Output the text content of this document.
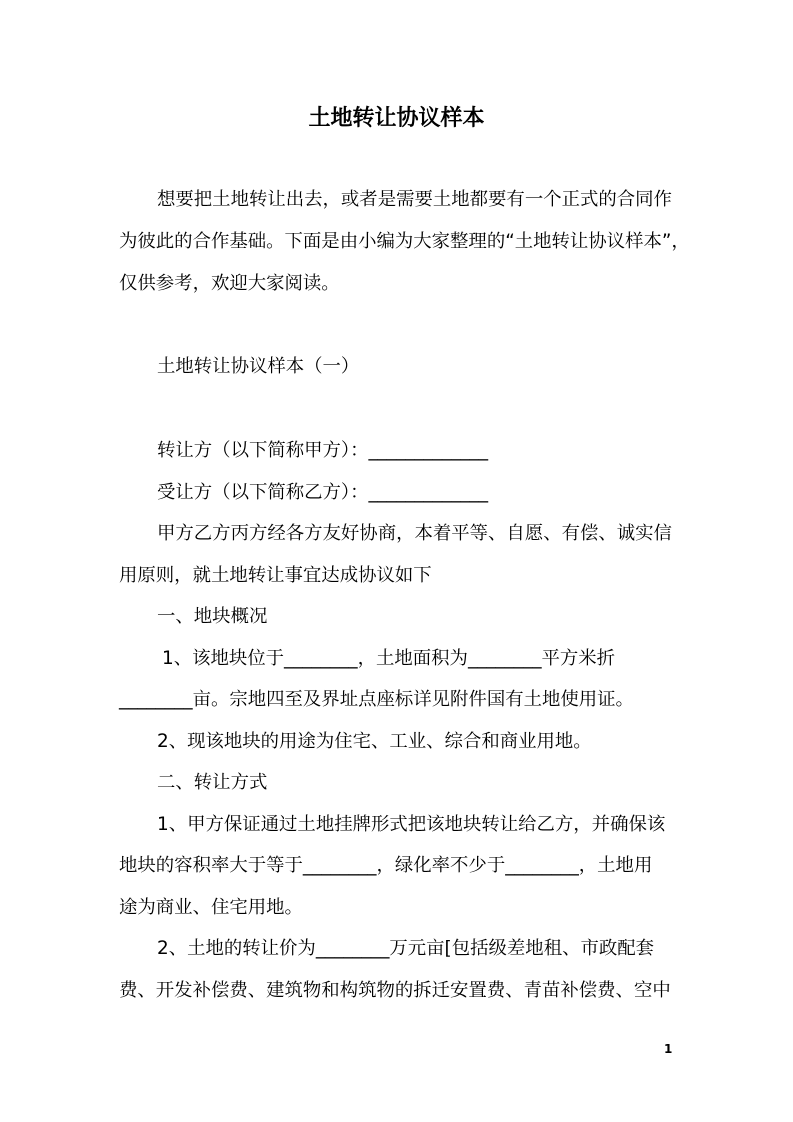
土地转让协议样本
想要把土地转让出去，或者是需要土地都要有一个正式的合同作
为彼此的合作基础。下面是由小编为大家整理的“土地转让协议样本”，
仅供参考，欢迎大家阅读。
土地转让协议样本（一）
转让方（以下简称甲方）：_____________
受让方（以下简称乙方）：_____________
甲方乙方丙方经各方友好协商，本着平等、自愿、有偿、诚实信
用原则，就土地转让事宜达成协议如下
一、地块概况
1、该地块位于________，土地面积为________平方米折
________亩。宗地四至及界址点座标详见附件国有土地使用证。
2、现该地块的用途为住宅、工业、综合和商业用地。
二、转让方式
1、甲方保证通过土地挂牌形式把该地块转让给乙方，并确保该
地块的容积率大于等于________，绿化率不少于________，土地用
途为商业、住宅用地。
2、土地的转让价为________万元亩[包括级差地租、市政配套
费、开发补偿费、建筑物和构筑物的拆迁安置费、青苗补偿费、空中
1
